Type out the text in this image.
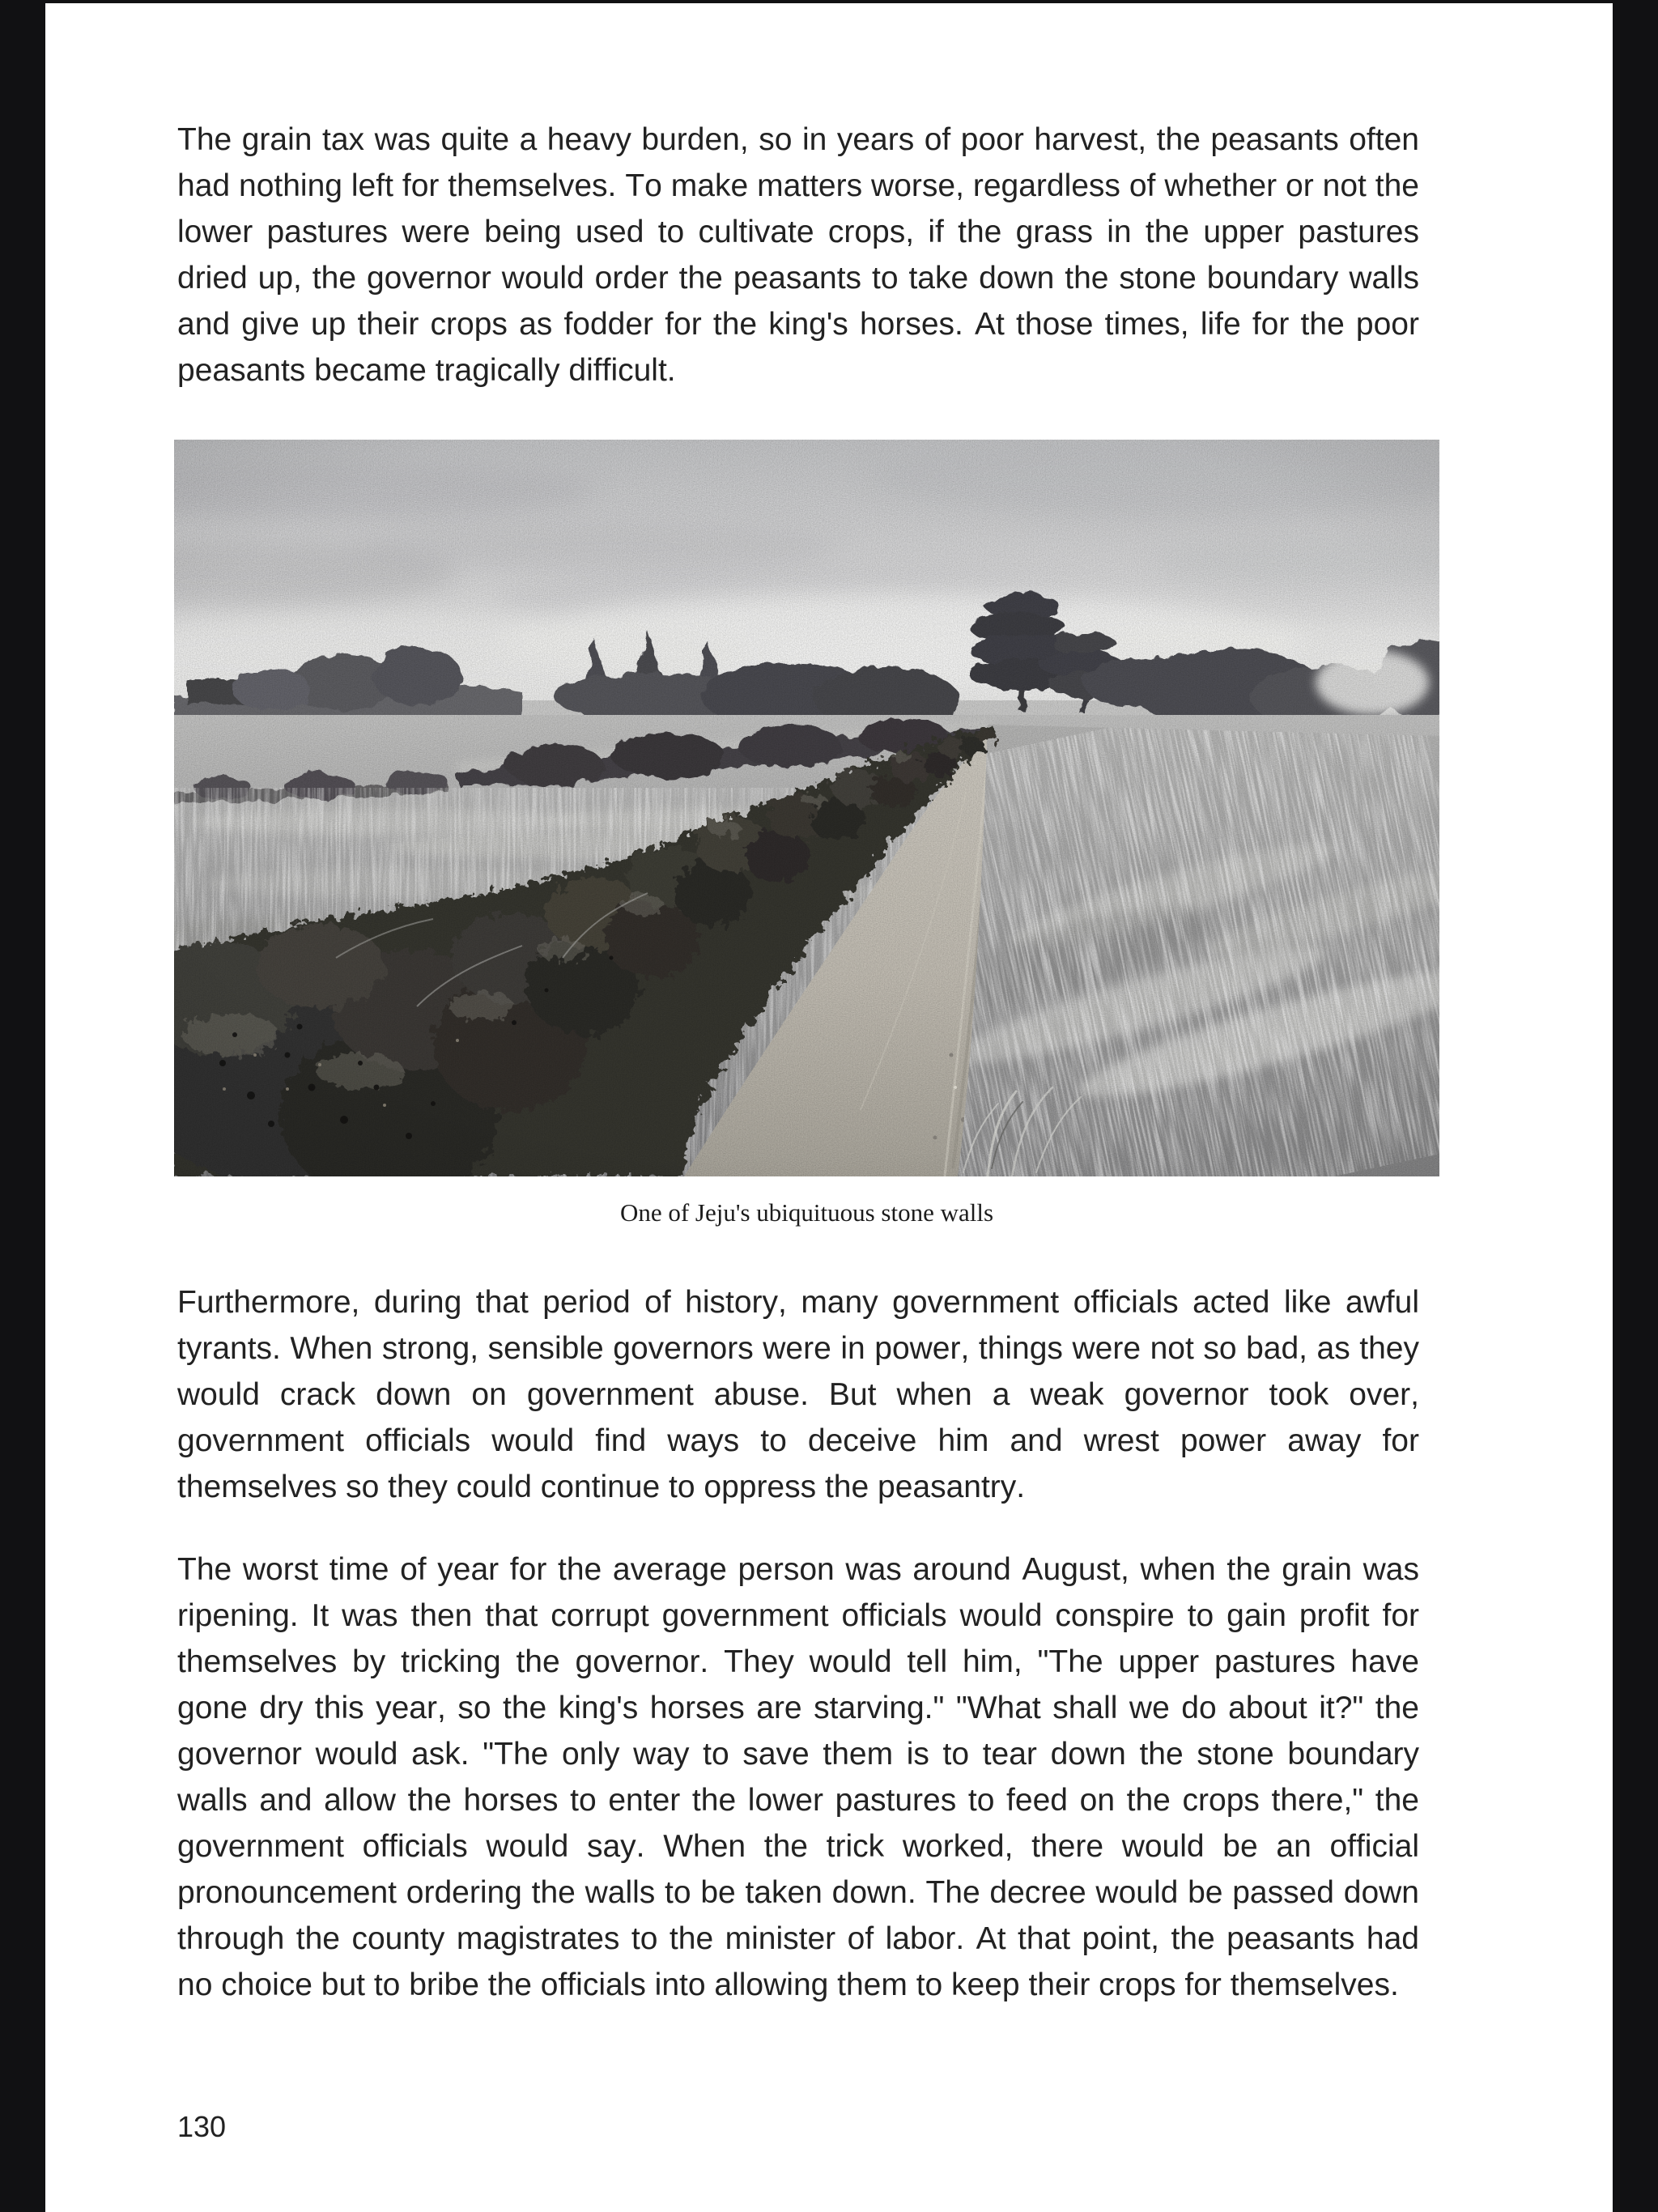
The grain tax was quite a heavy burden, so in years of poor harvest, the peasants often had nothing left for themselves. To make matters worse, regardless of whether or not the lower pastures were being used to cultivate crops, if the grass in the upper pastures dried up, the governor would order the peasants to take down the stone boundary walls and give up their crops as fodder for the king's horses. At those times, life for the poor peasants became tragically difficult.

One of Jeju's ubiquituous stone walls

Furthermore, during that period of history, many government officials acted like awful tyrants. When strong, sensible governors were in power, things were not so bad, as they would crack down on government abuse. But when a weak governor took over, government officials would find ways to deceive him and wrest power away for themselves so they could continue to oppress the peasantry.

The worst time of year for the average person was around August, when the grain was ripening. It was then that corrupt government officials would conspire to gain profit for themselves by tricking the governor. They would tell him, "The upper pastures have gone dry this year, so the king's horses are starving." "What shall we do about it?" the governor would ask. "The only way to save them is to tear down the stone boundary walls and allow the horses to enter the lower pastures to feed on the crops there," the government officials would say. When the trick worked, there would be an official pronouncement ordering the walls to be taken down. The decree would be passed down through the county magistrates to the minister of labor. At that point, the peasants had no choice but to bribe the officials into allowing them to keep their crops for themselves.

130
